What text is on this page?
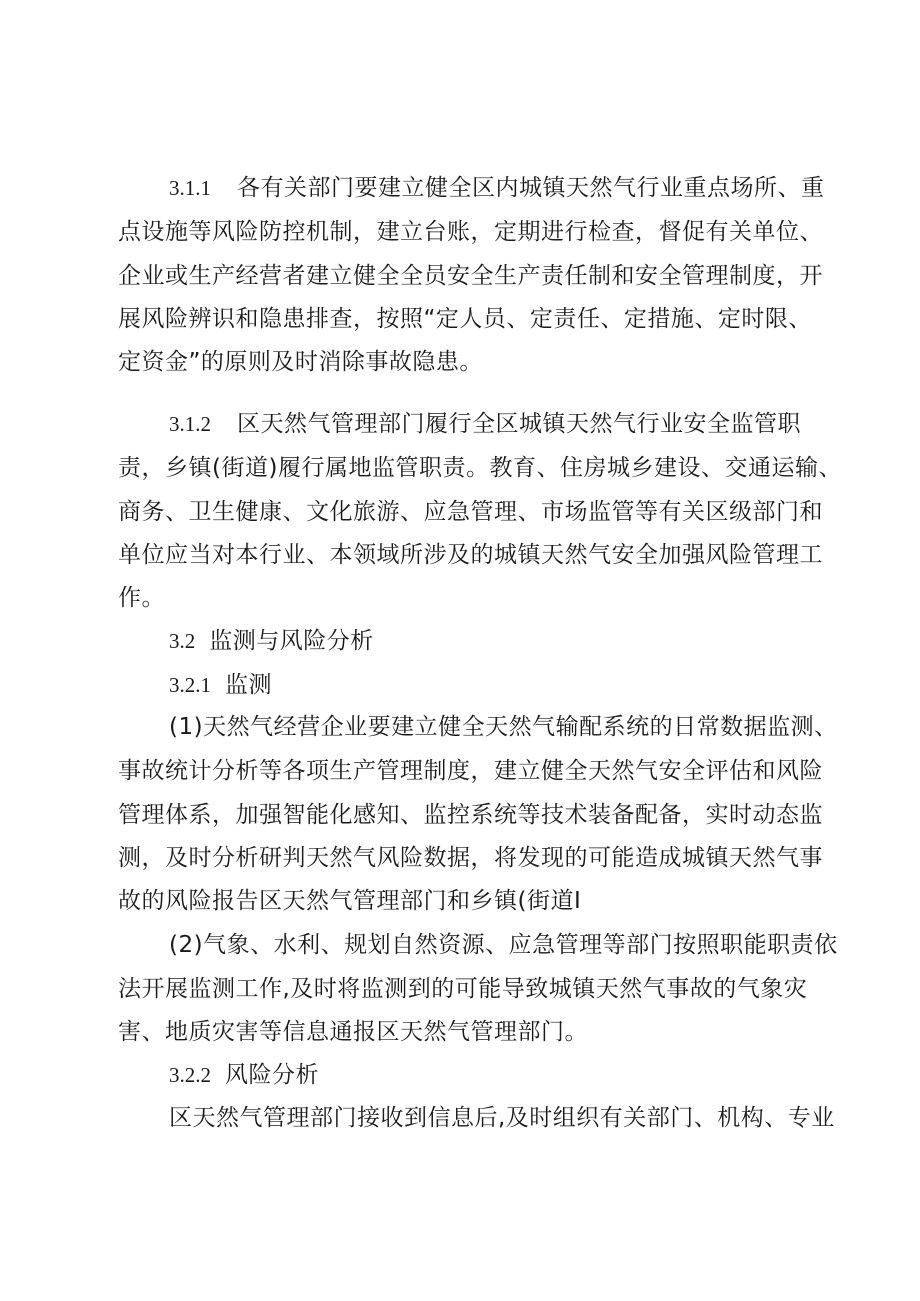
3.1.1 各有关部门要建立健全区内城镇天然气行业重点场所、重
点设施等风险防控机制，建立台账，定期进行检查，督促有关单位、
企业或生产经营者建立健全全员安全生产责任制和安全管理制度，开
展风险辨识和隐患排查，按照“定人员、定责任、定措施、定时限、
定资金”的原则及时消除事故隐患。
3.1.2 区天然气管理部门履行全区城镇天然气行业安全监管职
责，乡镇(街道)履行属地监管职责。教育、住房城乡建设、交通运输、
商务、卫生健康、文化旅游、应急管理、市场监管等有关区级部门和
单位应当对本行业、本领域所涉及的城镇天然气安全加强风险管理工
作。
3.2 监测与风险分析
3.2.1 监测
(1)天然气经营企业要建立健全天然气输配系统的日常数据监测、
事故统计分析等各项生产管理制度，建立健全天然气安全评估和风险
管理体系，加强智能化感知、监控系统等技术装备配备，实时动态监
测，及时分析研判天然气风险数据，将发现的可能造成城镇天然气事
故的风险报告区天然气管理部门和乡镇(街道I
(2)气象、水利、规划自然资源、应急管理等部门按照职能职责依
法开展监测工作,及时将监测到的可能导致城镇天然气事故的气象灾
害、地质灾害等信息通报区天然气管理部门。
3.2.2 风险分析
区天然气管理部门接收到信息后,及时组织有关部门、机构、专业
